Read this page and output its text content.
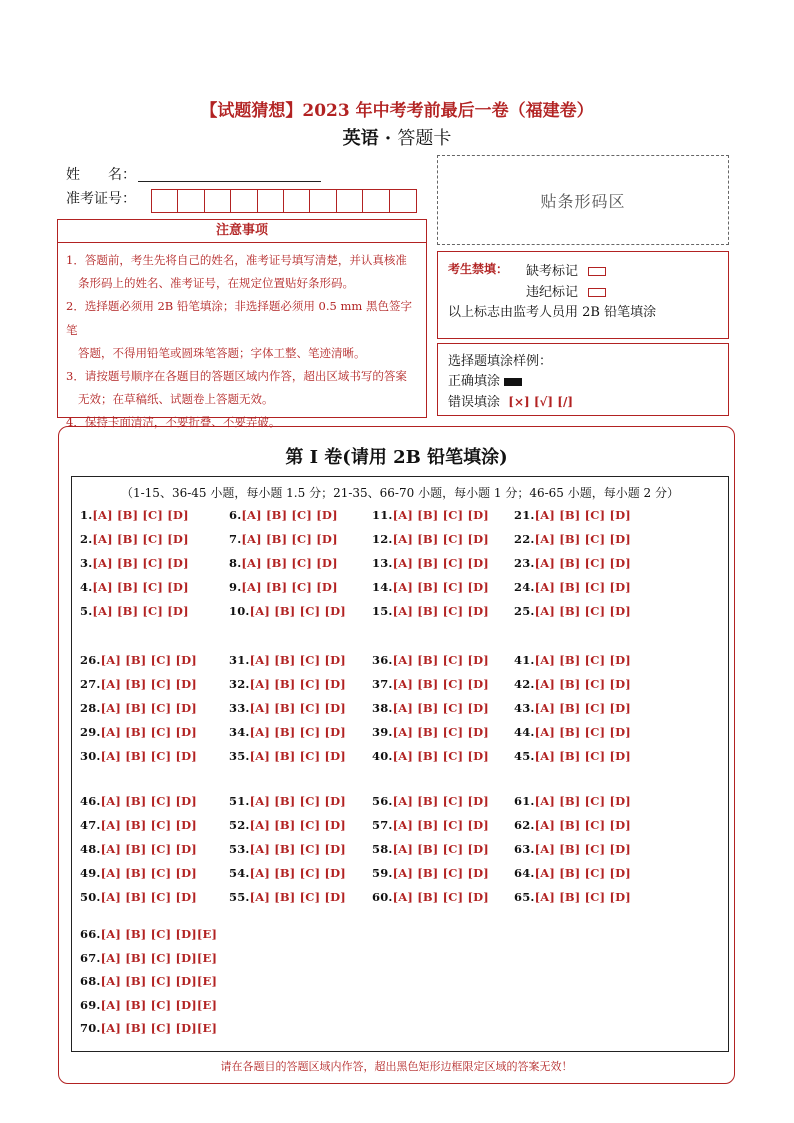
【试题猜想】2023 年中考考前最后一卷（福建卷）
英语 · 答题卡
姓　　名：
准考证号：	贴条形码区
注意事项
1．答题前，考生先将自己的姓名，准考证号填写清楚，并认真核准
条形码上的姓名、准考证号，在规定位置贴好条形码。
2．选择题必须用 2B 铅笔填涂；非选择题必须用 0.5 mm 黑色签字笔
答题，不得用铅笔或圆珠笔答题；字体工整、笔迹清晰。
3．请按题号顺序在各题目的答题区域内作答，超出区域书写的答案
无效；在草稿纸、试题卷上答题无效。
4．保持卡面清洁，不要折叠、不要弄破。
考生禁填：	缺考标记
违纪标记
以上标志由监考人员用 2B 铅笔填涂
选择题填涂样例：
正确填涂
错误填涂 [×] [√] [/]
第 I 卷(请用 2B 铅笔填涂)
（1-15、36-45 小题，每小题 1.5 分；21-35、66-70 小题，每小题 1 分；46-65 小题，每小题 2 分）
1.[A] [B] [C] [D]
2.[A] [B] [C] [D]
3.[A] [B] [C] [D]
4.[A] [B] [C] [D]
5.[A] [B] [C] [D]
6.[A] [B] [C] [D]
7.[A] [B] [C] [D]
8.[A] [B] [C] [D]
9.[A] [B] [C] [D]
10.[A] [B] [C] [D]
11.[A] [B] [C] [D]
12.[A] [B] [C] [D]
13.[A] [B] [C] [D]
14.[A] [B] [C] [D]
15.[A] [B] [C] [D]
21.[A] [B] [C] [D]
22.[A] [B] [C] [D]
23.[A] [B] [C] [D]
24.[A] [B] [C] [D]
25.[A] [B] [C] [D]
26.[A] [B] [C] [D]
27.[A] [B] [C] [D]
28.[A] [B] [C] [D]
29.[A] [B] [C] [D]
30.[A] [B] [C] [D]
31.[A] [B] [C] [D]
32.[A] [B] [C] [D]
33.[A] [B] [C] [D]
34.[A] [B] [C] [D]
35.[A] [B] [C] [D]
36.[A] [B] [C] [D]
37.[A] [B] [C] [D]
38.[A] [B] [C] [D]
39.[A] [B] [C] [D]
40.[A] [B] [C] [D]
41.[A] [B] [C] [D]
42.[A] [B] [C] [D]
43.[A] [B] [C] [D]
44.[A] [B] [C] [D]
45.[A] [B] [C] [D]
46.[A] [B] [C] [D]
47.[A] [B] [C] [D]
48.[A] [B] [C] [D]
49.[A] [B] [C] [D]
50.[A] [B] [C] [D]
51.[A] [B] [C] [D]
52.[A] [B] [C] [D]
53.[A] [B] [C] [D]
54.[A] [B] [C] [D]
55.[A] [B] [C] [D]
56.[A] [B] [C] [D]
57.[A] [B] [C] [D]
58.[A] [B] [C] [D]
59.[A] [B] [C] [D]
60.[A] [B] [C] [D]
61.[A] [B] [C] [D]
62.[A] [B] [C] [D]
63.[A] [B] [C] [D]
64.[A] [B] [C] [D]
65.[A] [B] [C] [D]
66.[A] [B] [C] [D][E]
67.[A] [B] [C] [D][E]
68.[A] [B] [C] [D][E]
69.[A] [B] [C] [D][E]
70.[A] [B] [C] [D][E]
请在各题目的答题区域内作答，超出黑色矩形边框限定区域的答案无效！
